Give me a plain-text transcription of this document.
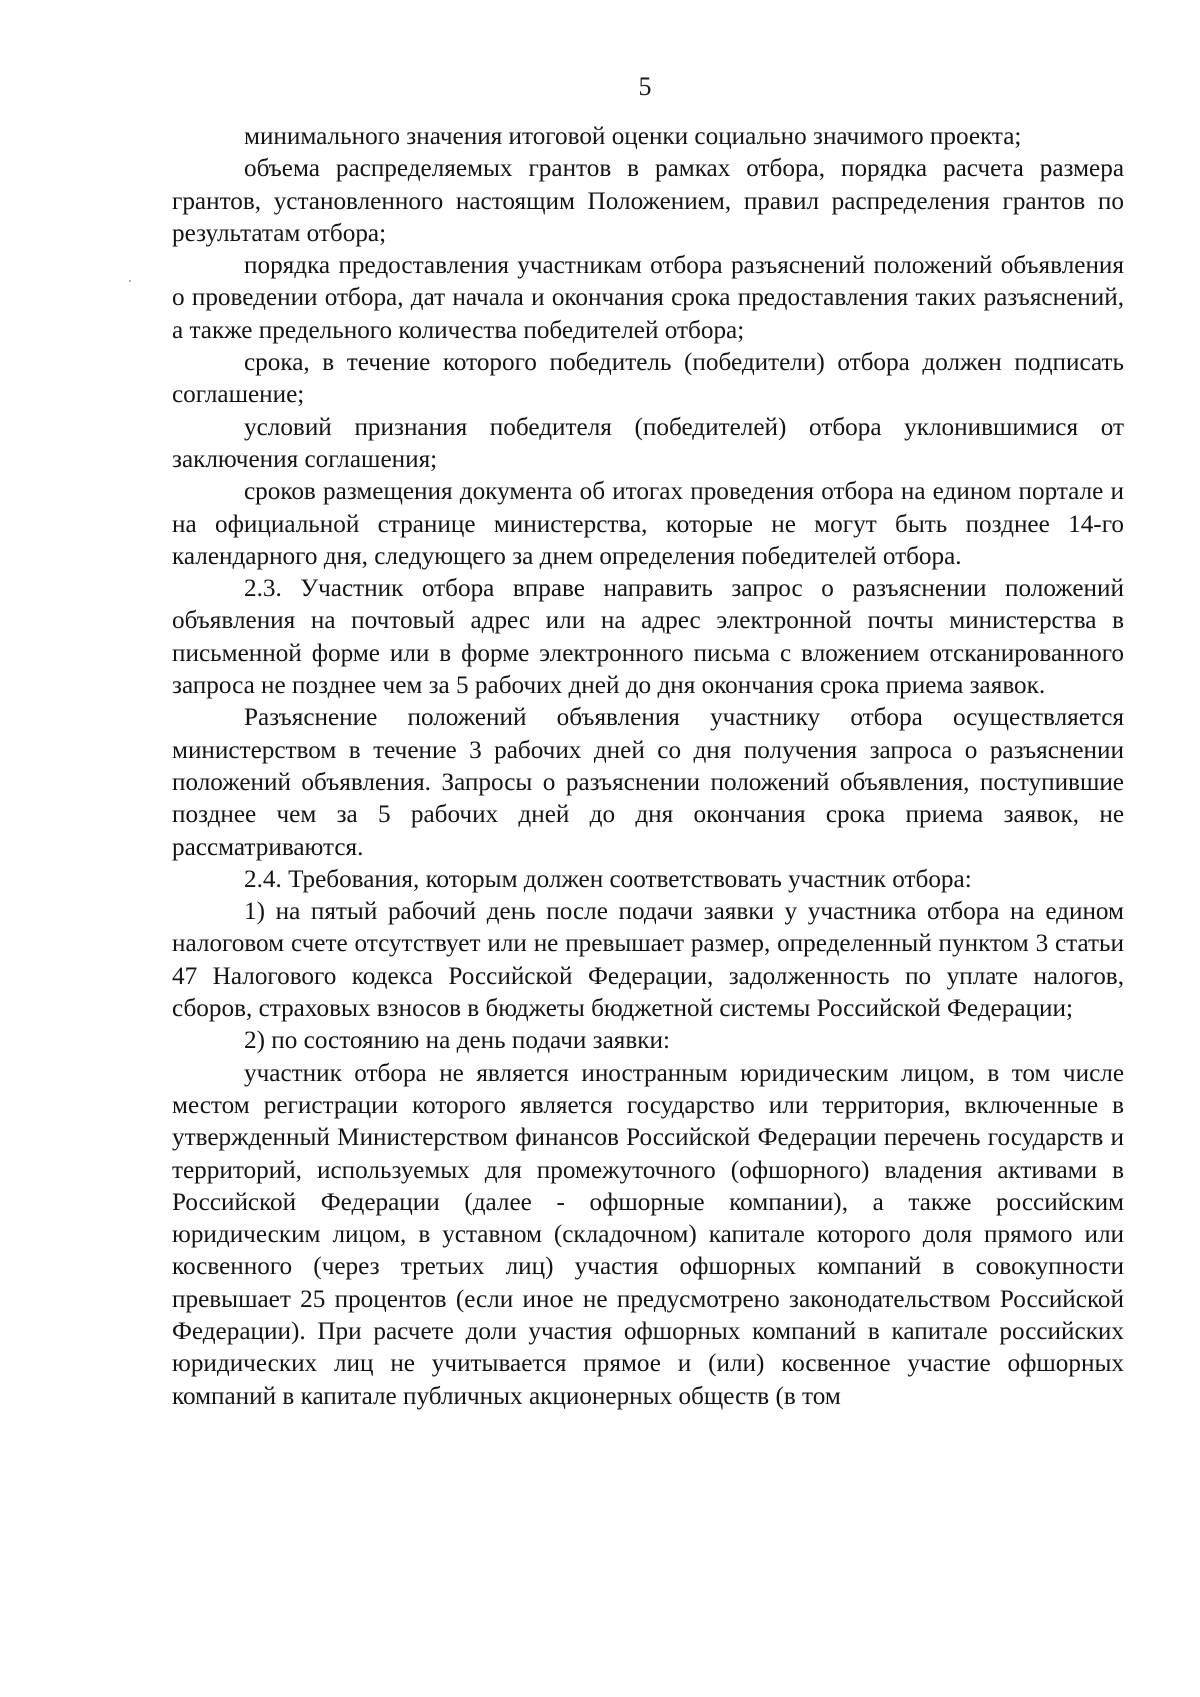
5

минимального значения итоговой оценки социально значимого проекта;

объема распределяемых грантов в рамках отбора, порядка расчета размера грантов, установленного настоящим Положением, правил распределения грантов по результатам отбора;

порядка предоставления участникам отбора разъяснений положений объявления о проведении отбора, дат начала и окончания срока предоставления таких разъяснений, а также предельного количества победителей отбора;

срока, в течение которого победитель (победители) отбора должен подписать соглашение;

условий признания победителя (победителей) отбора уклонившимися от заключения соглашения;

сроков размещения документа об итогах проведения отбора на едином портале и на официальной странице министерства, которые не могут быть позднее 14-го календарного дня, следующего за днем определения победителей отбора.

2.3. Участник отбора вправе направить запрос о разъяснении положений объявления на почтовый адрес или на адрес электронной почты министерства в письменной форме или в форме электронного письма с вложением отсканированного запроса не позднее чем за 5 рабочих дней до дня окончания срока приема заявок.

Разъяснение положений объявления участнику отбора осуществляется министерством в течение 3 рабочих дней со дня получения запроса о разъяснении положений объявления. Запросы о разъяснении положений объявления, поступившие позднее чем за 5 рабочих дней до дня окончания срока приема заявок, не рассматриваются.

2.4. Требования, которым должен соответствовать участник отбора:

1) на пятый рабочий день после подачи заявки у участника отбора на едином налоговом счете отсутствует или не превышает размер, определенный пунктом 3 статьи 47 Налогового кодекса Российской Федерации, задолженность по уплате налогов, сборов, страховых взносов в бюджеты бюджетной системы Российской Федерации;

2) по состоянию на день подачи заявки:

участник отбора не является иностранным юридическим лицом, в том числе местом регистрации которого является государство или территория, включенные в утвержденный Министерством финансов Российской Федерации перечень государств и территорий, используемых для промежуточного (офшорного) владения активами в Российской Федерации (далее - офшорные компании), а также российским юридическим лицом, в уставном (складочном) капитале которого доля прямого или косвенного (через третьих лиц) участия офшорных компаний в совокупности превышает 25 процентов (если иное не предусмотрено законодательством Российской Федерации). При расчете доли участия офшорных компаний в капитале российских юридических лиц не учитывается прямое и (или) косвенное участие офшорных компаний в капитале публичных акционерных обществ (в том
